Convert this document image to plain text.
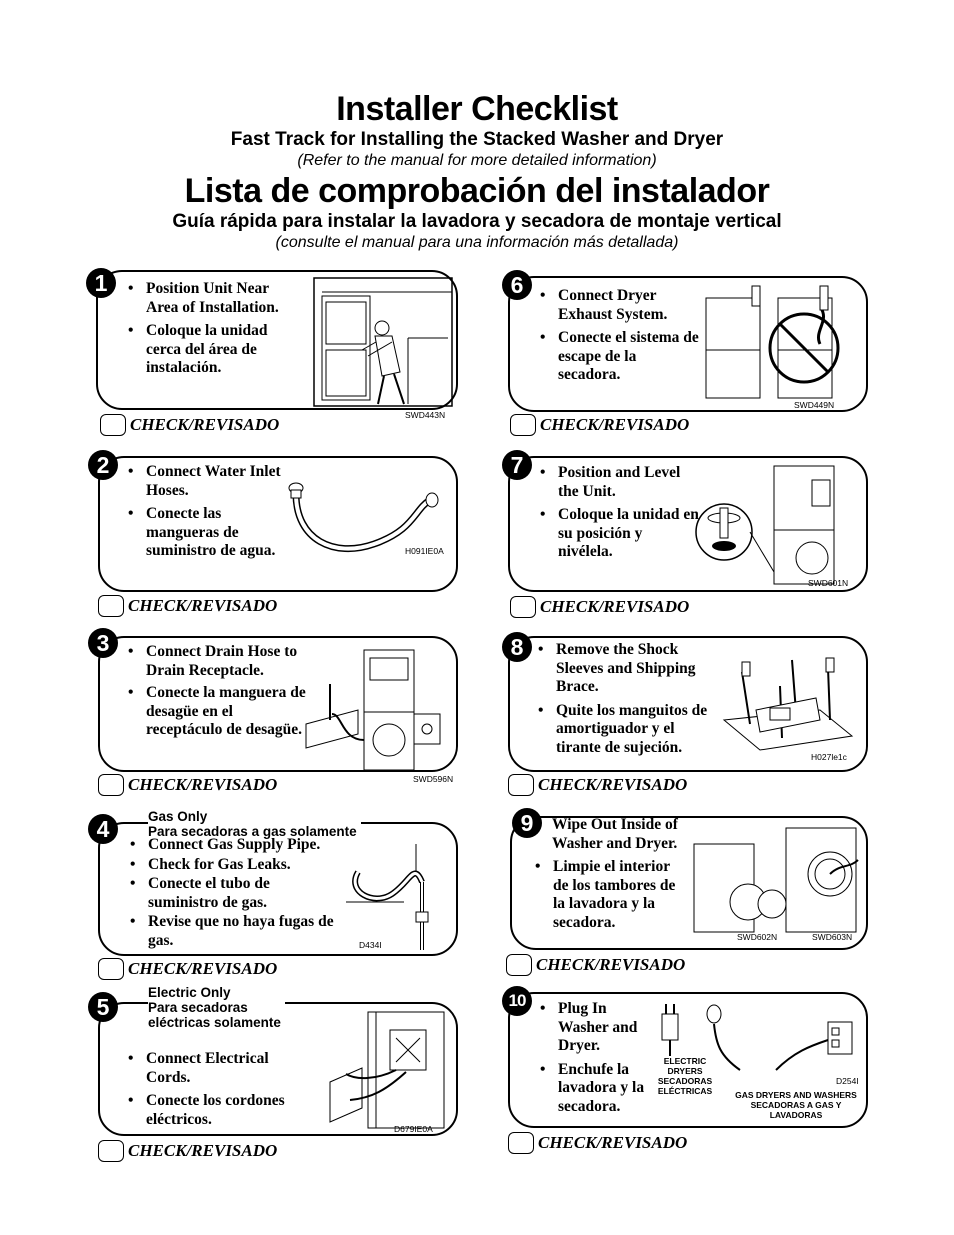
Installer Checklist
Fast Track for Installing the Stacked Washer and Dryer
(Refer to the manual for more detailed information)
Lista de comprobación del instalador
Guía rápida para instalar la lavadora y secadora de montaje vertical
(consulte el manual para una información más detallada)
1	• Position Unit Near Area of Installation.
• Coloque la unidad cerca del área de instalación.
SWD443N
CHECK/REVISADO
2	• Connect Water Inlet Hoses.
• Conecte las mangueras de suministro de agua.	H091IE0A
CHECK/REVISADO
3	• Connect Drain Hose to Drain Receptacle.
• Conecte la manguera de desagüe en el receptáculo de desagüe.
SWD596N
CHECK/REVISADO
4	Gas Only
Para secadoras a gas solamente
• Connect Gas Supply Pipe.
• Check for Gas Leaks.
• Conecte el tubo de suministro de gas.
• Revise que no haya fugas de gas.	D434I
CHECK/REVISADO
5
Electric Only
Para secadoras
eléctricas solamente
• Connect Electrical Cords.
• Conecte los cordones eléctricos.
D679IE0A
CHECK/REVISADO
6	• Connect Dryer Exhaust System.
• Conecte el sistema de escape de la secadora.
SWD449N
CHECK/REVISADO
7	• Position and Level the Unit.
• Coloque la unidad en su posición y nivélela.
SWD601N
CHECK/REVISADO
8	• Remove the Shock Sleeves and Shipping Brace.
• Quite los manguitos de amortiguador y el tirante de sujeción.
H027le1c
CHECK/REVISADO
9	• Wipe Out Inside of Washer and Dryer.
• Limpie el interior de los tambores de la lavadora y la secadora.
SWD602N	SWD603N
CHECK/REVISADO
10	• Plug In Washer and Dryer.
• Enchufe la lavadora y la secadora.
ELECTRIC DRYERS SECADORAS ELÉCTRICAS	GAS DRYERS AND WASHERS SECADORAS A GAS Y LAVADORAS
D254I
CHECK/REVISADO
